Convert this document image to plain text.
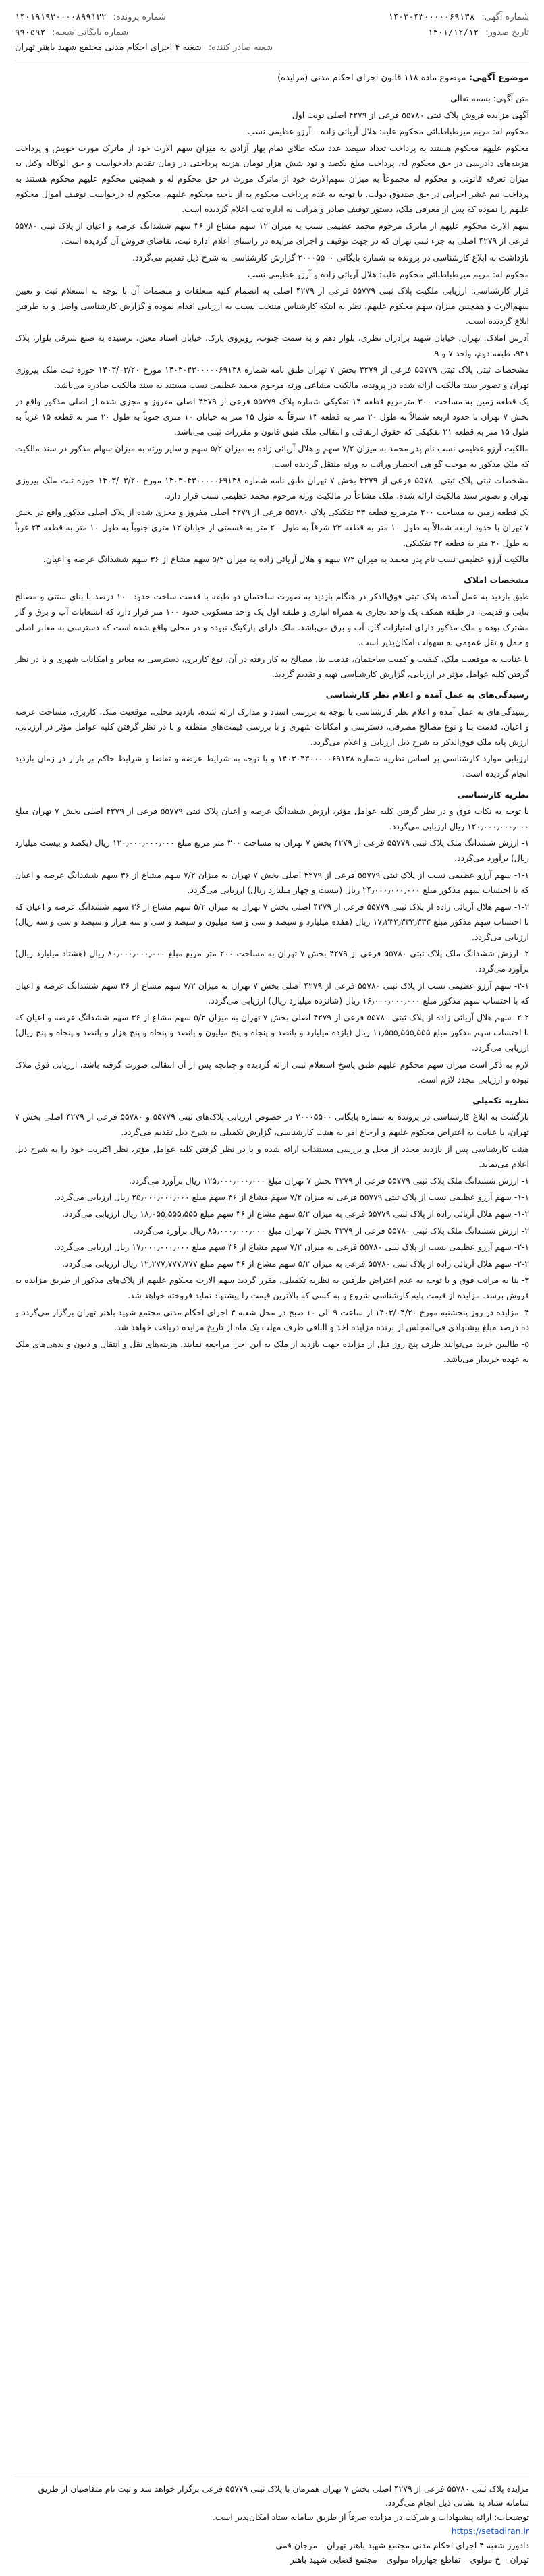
شماره آگهی: ۱۴۰۳۰۴۳۰۰۰۰۰۶۹۱۳۸
تاریخ صدور: ۱۴۰۱/۱۲/۱۲
شماره پرونده: ۱۴۰۱۹۱۹۳۰۰۰۰۸۹۹۱۳۲
شماره بایگانی شعبه: ۹۹۰۵۹۲
شعبه صادر کننده: شعبه ۴ اجرای احکام مدنی مجتمع شهید باهنر تهران
موضوع آگهی: موضوع ماده ۱۱۸ قانون اجرای احکام مدنی (مزایده)

متن آگهی: بسمه تعالی

آگهی مزایده فروش پلاک ثبتی ۵۵۷۸۰ فرعی از ۴۲۷۹ اصلی نوبت اول

محکوم له: مریم میرطباطبائی محکوم علیه: هلال آریائی زاده – آرزو عظیمی نسب

محکوم علیهم محکوم هستند به پرداخت تعداد سیصد عدد سکه طلای تمام بهار آزادی به میزان سهم الارث خود از ماترک مورث خویش و پرداخت هزینه‌های دادرسی در حق محکوم له، پرداخت مبلغ یکصد و نود شش هزار تومان هزینه پرداختی در زمان تقدیم دادخواست و حق الوکاله وکیل به میزان تعرفه قانونی و محکوم له مجموعاً به میزان سهم‌الارث خود از ماترک مورث در حق محکوم له و همچنین محکوم علیهم محکوم هستند به پرداخت نیم عشر اجرایی در حق صندوق دولت. با توجه به عدم پرداخت محکوم به از ناحیه محکوم علیهم، محکوم له درخواست توقیف اموال محکوم علیهم را نموده که پس از معرفی ملک، دستور توقیف صادر و مراتب به اداره ثبت اعلام گردیده است.

سهم الارث محکوم علیهم از ماترک مرحوم محمد عظیمی نسب به میزان ۱۲ سهم مشاع از ۳۶ سهم ششدانگ عرصه و اعیان از پلاک ثبتی ۵۵۷۸۰ فرعی از ۴۲۷۹ اصلی به جزء ثبتی تهران که در جهت توقیف و اجرای مزایده در راستای اعلام اداره ثبت، تقاضای فروش آن گردیده است.

بازداشت به ابلاغ کارشناسی در پرونده به شماره بایگانی ۲۰۰۰۵۵۰۰ گزارش کارشناسی به شرح ذیل تقدیم می‌گردد.

محکوم له: مریم میرطباطبائی محکوم علیه: هلال آریائی زاده و آرزو عظیمی نسب

قرار کارشناسی: ارزیابی ملکیت پلاک ثبتی ۵۵۷۷۹ فرعی از ۴۲۷۹ اصلی به انضمام کلیه متعلقات و منضمات آن با توجه به استعلام ثبت و تعیین سهم‌الارث و همچنین میزان سهم محکوم علیهم، نظر به اینکه کارشناس منتخب نسبت به ارزیابی اقدام نموده و گزارش کارشناسی واصل و به طرفین ابلاغ گردیده است.

آدرس املاک: تهران، خیابان شهید برادران نظری، بلوار دهم و به سمت جنوب، روبروی پارک، خیابان استاد معین، نرسیده به ضلع شرقی بلوار، پلاک ۹۳۱، طبقه دوم، واحد ۷ و ۹.

مشخصات ثبتی پلاک ثبتی ۵۵۷۷۹ فرعی از ۴۲۷۹ بخش ۷ تهران طبق نامه شماره ۱۴۰۳۰۴۳۰۰۰۰۰۶۹۱۳۸ مورخ ۱۴۰۳/۰۳/۲۰ حوزه ثبت ملک پیروزی تهران و تصویر سند مالکیت ارائه شده در پرونده، مالکیت مشاعی ورثه مرحوم محمد عظیمی نسب مستند به سند مالکیت صادره می‌باشد.

یک قطعه زمین به مساحت ۳۰۰ مترمربع قطعه ۱۴ تفکیکی شماره پلاک ۵۵۷۷۹ فرعی از ۴۲۷۹ اصلی مفروز و مجزی شده از اصلی مذکور واقع در بخش ۷ تهران با حدود اربعه شمالاً به طول ۲۰ متر به قطعه ۱۳ شرقاً به طول ۱۵ متر به خیابان ۱۰ متری جنوباً به طول ۲۰ متر به قطعه ۱۵ غرباً به طول ۱۵ متر به قطعه ۲۱ تفکیکی که حقوق ارتفاقی و انتقالی ملک طبق قانون و مقررات ثبتی می‌باشد.

مالکیت آرزو عظیمی نسب نام پدر محمد به میزان ۷/۲ سهم و هلال آریائی زاده به میزان ۵/۲ سهم و سایر ورثه به میزان سهام مذکور در سند مالکیت که ملک مذکور به موجب گواهی انحصار وراثت به ورثه منتقل گردیده است.

مشخصات ثبتی پلاک ثبتی ۵۵۷۸۰ فرعی از ۴۲۷۹ بخش ۷ تهران طبق نامه شماره ۱۴۰۳۰۴۳۰۰۰۰۰۶۹۱۳۸ مورخ ۱۴۰۳/۰۳/۲۰ حوزه ثبت ملک پیروزی تهران و تصویر سند مالکیت ارائه شده، ملک مشاعاً در مالکیت ورثه مرحوم محمد عظیمی نسب قرار دارد.

یک قطعه زمین به مساحت ۲۰۰ مترمربع قطعه ۲۳ تفکیکی پلاک ۵۵۷۸۰ فرعی از ۴۲۷۹ اصلی مفروز و مجزی شده از پلاک اصلی مذکور واقع در بخش ۷ تهران با حدود اربعه شمالاً به طول ۱۰ متر به قطعه ۲۲ شرقاً به طول ۲۰ متر به قسمتی از خیابان ۱۲ متری جنوباً به طول ۱۰ متر به قطعه ۲۴ غرباً به طول ۲۰ متر به قطعه ۳۲ تفکیکی.

مالکیت آرزو عظیمی نسب نام پدر محمد به میزان ۷/۲ سهم و هلال آریائی زاده به میزان ۵/۲ سهم مشاع از ۳۶ سهم ششدانگ عرصه و اعیان.

مشخصات املاک

طبق بازدید به عمل آمده، پلاک ثبتی فوق‌الذکر در هنگام بازدید به صورت ساختمان دو طبقه با قدمت ساخت حدود ۱۰۰ درصد با بنای سنتی و مصالح بنایی و قدیمی، در طبقه همکف یک واحد تجاری به همراه انباری و طبقه اول یک واحد مسکونی حدود ۱۰۰ متر قرار دارد که انشعابات آب و برق و گاز مشترک بوده و ملک مذکور دارای امتیازات گاز، آب و برق می‌باشد. ملک دارای پارکینگ نبوده و در محلی واقع شده است که دسترسی به معابر اصلی و حمل و نقل عمومی به سهولت امکان‌پذیر است.

با عنایت به موقعیت ملک، کیفیت و کمیت ساختمان، قدمت بنا، مصالح به کار رفته در آن، نوع کاربری، دسترسی به معابر و امکانات شهری و با در نظر گرفتن کلیه عوامل مؤثر در ارزیابی، گزارش کارشناسی تهیه و تقدیم گردید.

رسیدگی‌های به عمل آمده و اعلام نظر کارشناسی

رسیدگی‌های به عمل آمده و اعلام نظر کارشناسی با توجه به بررسی اسناد و مدارک ارائه شده، بازدید محلی، موقعیت ملک، کاربری، مساحت عرصه و اعیان، قدمت بنا و نوع مصالح مصرفی، دسترسی و امکانات شهری و با بررسی قیمت‌های منطقه و با در نظر گرفتن کلیه عوامل مؤثر در ارزیابی، ارزش پایه ملک فوق‌الذکر به شرح ذیل ارزیابی و اعلام می‌گردد.

ارزیابی موارد کارشناسی بر اساس نظریه شماره ۱۴۰۳۰۴۳۰۰۰۰۰۶۹۱۳۸ و با توجه به شرایط عرضه و تقاضا و شرایط حاکم بر بازار در زمان بازدید انجام گردیده است.

نظریه کارشناسی

با توجه به نکات فوق و در نظر گرفتن کلیه عوامل مؤثر، ارزش ششدانگ عرصه و اعیان پلاک ثبتی ۵۵۷۷۹ فرعی از ۴۲۷۹ اصلی بخش ۷ تهران مبلغ ۱۲۰٫۰۰۰٫۰۰۰٫۰۰۰ ریال ارزیابی می‌گردد.

۱- ارزش ششدانگ ملک پلاک ثبتی ۵۵۷۷۹ فرعی از ۴۲۷۹ بخش ۷ تهران به مساحت ۳۰۰ متر مربع مبلغ ۱۲۰٫۰۰۰٫۰۰۰٫۰۰۰ ریال (یکصد و بیست میلیارد ریال) برآورد می‌گردد.

۱-۱- سهم آرزو عظیمی نسب از پلاک ثبتی ۵۵۷۷۹ فرعی از ۴۲۷۹ اصلی بخش ۷ تهران به میزان ۷/۲ سهم مشاع از ۳۶ سهم ششدانگ عرصه و اعیان که با احتساب سهم مذکور مبلغ ۲۴٫۰۰۰٫۰۰۰٫۰۰۰ ریال (بیست و چهار میلیارد ریال) ارزیابی می‌گردد.

۱-۲- سهم هلال آریائی زاده از پلاک ثبتی ۵۵۷۷۹ فرعی از ۴۲۷۹ اصلی بخش ۷ تهران به میزان ۵/۲ سهم مشاع از ۳۶ سهم ششدانگ عرصه و اعیان که با احتساب سهم مذکور مبلغ ۱۷٫۳۳۳٫۳۳۳٫۳۳۳ ریال (هفده میلیارد و سیصد و سی و سه میلیون و سیصد و سی و سه هزار و سیصد و سی و سه ریال) ارزیابی می‌گردد.

۲- ارزش ششدانگ ملک پلاک ثبتی ۵۵۷۸۰ فرعی از ۴۲۷۹ بخش ۷ تهران به مساحت ۲۰۰ متر مربع مبلغ ۸۰٫۰۰۰٫۰۰۰٫۰۰۰ ریال (هشتاد میلیارد ریال) برآورد می‌گردد.

۲-۱- سهم آرزو عظیمی نسب از پلاک ثبتی ۵۵۷۸۰ فرعی از ۴۲۷۹ اصلی بخش ۷ تهران به میزان ۷/۲ سهم مشاع از ۳۶ سهم ششدانگ عرصه و اعیان که با احتساب سهم مذکور مبلغ ۱۶٫۰۰۰٫۰۰۰٫۰۰۰ ریال (شانزده میلیارد ریال) ارزیابی می‌گردد.

۲-۲- سهم هلال آریائی زاده از پلاک ثبتی ۵۵۷۸۰ فرعی از ۴۲۷۹ اصلی بخش ۷ تهران به میزان ۵/۲ سهم مشاع از ۳۶ سهم ششدانگ عرصه و اعیان که با احتساب سهم مذکور مبلغ ۱۱٫۵۵۵٫۵۵۵٫۵۵۵ ریال (یازده میلیارد و پانصد و پنجاه و پنج میلیون و پانصد و پنجاه و پنج هزار و پانصد و پنجاه و پنج ریال) ارزیابی می‌گردد.

لازم به ذکر است میزان سهم محکوم علیهم طبق پاسخ استعلام ثبتی ارائه گردیده و چنانچه پس از آن انتقالی صورت گرفته باشد، ارزیابی فوق ملاک نبوده و ارزیابی مجدد لازم است.

نظریه تکمیلی

بازگشت به ابلاغ کارشناسی در پرونده به شماره بایگانی ۲۰۰۰۵۵۰۰ در خصوص ارزیابی پلاک‌های ثبتی ۵۵۷۷۹ و ۵۵۷۸۰ فرعی از ۴۲۷۹ اصلی بخش ۷ تهران، با عنایت به اعتراض محکوم علیهم و ارجاع امر به هیئت کارشناسی، گزارش تکمیلی به شرح ذیل تقدیم می‌گردد.

هیئت کارشناسی پس از بازدید مجدد از محل و بررسی مستندات ارائه شده و با در نظر گرفتن کلیه عوامل مؤثر، نظر اکثریت خود را به شرح ذیل اعلام می‌نماید.

۱- ارزش ششدانگ ملک پلاک ثبتی ۵۵۷۷۹ فرعی از ۴۲۷۹ بخش ۷ تهران مبلغ ۱۲۵٫۰۰۰٫۰۰۰٫۰۰۰ ریال برآورد می‌گردد.

۱-۱- سهم آرزو عظیمی نسب از پلاک ثبتی ۵۵۷۷۹ فرعی به میزان ۷/۲ سهم مشاع از ۳۶ سهم مبلغ ۲۵٫۰۰۰٫۰۰۰٫۰۰۰ ریال ارزیابی می‌گردد.

۱-۲- سهم هلال آریائی زاده از پلاک ثبتی ۵۵۷۷۹ فرعی به میزان ۵/۲ سهم مشاع از ۳۶ سهم مبلغ ۱۸٫۰۵۵٫۵۵۵٫۵۵۵ ریال ارزیابی می‌گردد.

۲- ارزش ششدانگ ملک پلاک ثبتی ۵۵۷۸۰ فرعی از ۴۲۷۹ بخش ۷ تهران مبلغ ۸۵٫۰۰۰٫۰۰۰٫۰۰۰ ریال برآورد می‌گردد.

۲-۱- سهم آرزو عظیمی نسب از پلاک ثبتی ۵۵۷۸۰ فرعی به میزان ۷/۲ سهم مشاع از ۳۶ سهم مبلغ ۱۷٫۰۰۰٫۰۰۰٫۰۰۰ ریال ارزیابی می‌گردد.

۲-۲- سهم هلال آریائی زاده از پلاک ثبتی ۵۵۷۸۰ فرعی به میزان ۵/۲ سهم مشاع از ۳۶ سهم مبلغ ۱۲٫۲۷۷٫۷۷۷٫۷۷۷ ریال ارزیابی می‌گردد.

۳- بنا به مراتب فوق و با توجه به عدم اعتراض طرفین به نظریه تکمیلی، مقرر گردید سهم الارث محکوم علیهم از پلاک‌های مذکور از طریق مزایده به فروش برسد. مزایده از قیمت پایه کارشناسی شروع و به کسی که بالاترین قیمت را پیشنهاد نماید فروخته خواهد شد.

۴- مزایده در روز پنجشنبه مورخ ۱۴۰۳/۰۴/۲۰ از ساعت ۹ الی ۱۰ صبح در محل شعبه ۴ اجرای احکام مدنی مجتمع شهید باهنر تهران برگزار می‌گردد و ده درصد مبلغ پیشنهادی فی‌المجلس از برنده مزایده اخذ و الباقی ظرف مهلت یک ماه از تاریخ مزایده دریافت خواهد شد.

۵- طالبین خرید می‌توانند ظرف پنج روز قبل از مزایده جهت بازدید از ملک به این اجرا مراجعه نمایند. هزینه‌های نقل و انتقال و دیون و بدهی‌های ملک به عهده خریدار می‌باشد.

مزایده پلاک ثبتی ۵۵۷۸۰ فرعی از ۴۲۷۹ اصلی بخش ۷ تهران همزمان با پلاک ثبتی ۵۵۷۷۹ فرعی برگزار خواهد شد و ثبت نام متقاضیان از طریق سامانه ستاد به نشانی ذیل انجام می‌گردد.

توضیحات: ارائه پیشنهادات و شرکت در مزایده صرفاً از طریق سامانه ستاد امکان‌پذیر است.

https://setadiran.ir

دادورز شعبه ۴ اجرای احکام مدنی مجتمع شهید باهنر تهران – مرجان قمی

تهران – خ مولوی – تقاطع چهارراه مولوی – مجتمع قضایی شهید باهنر
